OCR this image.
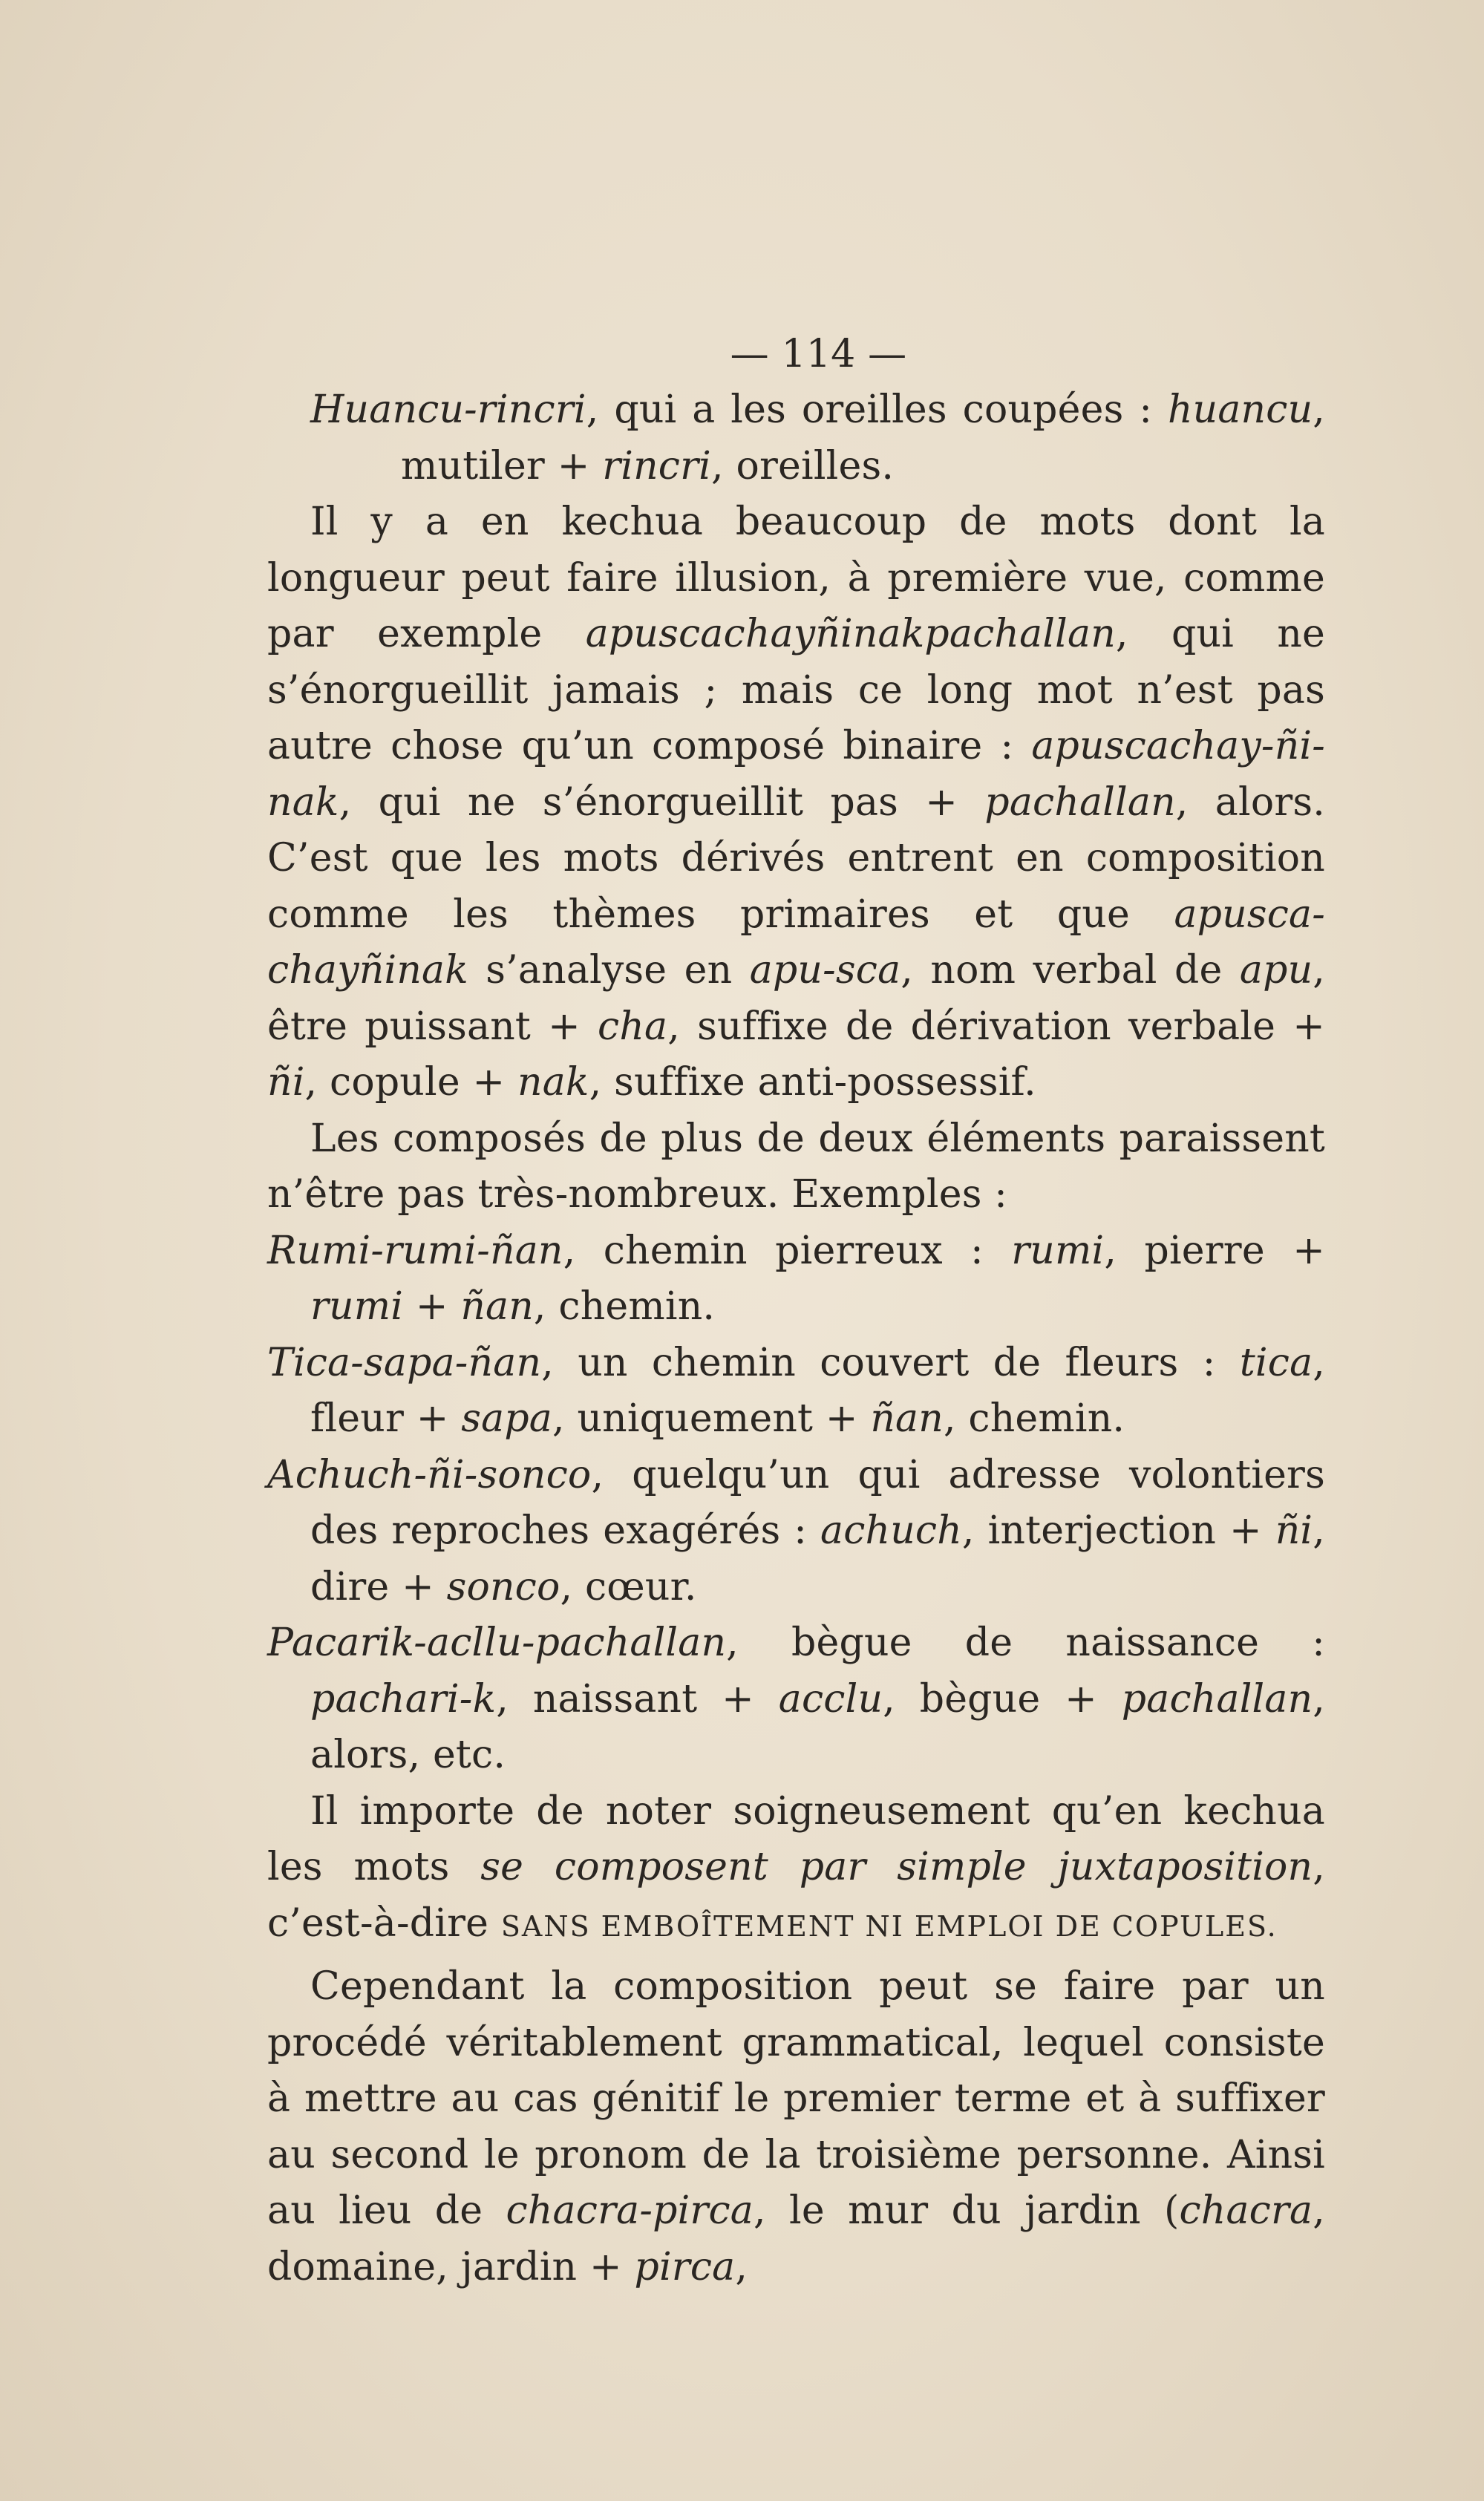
— 114 —

Huancu-rincri, qui a les oreilles coupées : huancu, mutiler + rincri, oreilles.

Il y a en kechua beaucoup de mots dont la longueur peut faire illusion, à première vue, comme par exemple apuscachayñinakpachallan, qui ne s’énorgueillit jamais ; mais ce long mot n’est pas autre chose qu’un composé binaire : apuscachay-ñi-nak, qui ne s’énorgueillit pas + pachallan, alors. C’est que les mots dérivés entrent en composition comme les thèmes primaires et que apusca-chayñinak s’analyse en apu-sca, nom verbal de apu, être puissant + cha, suffixe de dérivation verbale + ñi, copule + nak, suffixe anti-possessif.

Les composés de plus de deux éléments paraissent n’être pas très-nombreux. Exemples :

Rumi-rumi-ñan, chemin pierreux : rumi, pierre + rumi + ñan, chemin.

Tica-sapa-ñan, un chemin couvert de fleurs : tica, fleur + sapa, uniquement + ñan, chemin.

Achuch-ñi-sonco, quelqu’un qui adresse volontiers des reproches exagérés : achuch, interjection + ñi, dire + sonco, cœur.

Pacarik-acllu-pachallan, bègue de naissance : pachari-k, naissant + acclu, bègue + pachallan, alors, etc.

Il importe de noter soigneusement qu’en kechua les mots se composent par simple juxtaposition, c’est-à-dire SANS EMBOÎTEMENT NI EMPLOI DE COPULES.

Cependant la composition peut se faire par un procédé véritablement grammatical, lequel consiste à mettre au cas génitif le premier terme et à suffixer au second le pronom de la troisième personne. Ainsi au lieu de chacra-pirca, le mur du jardin (chacra, domaine, jardin + pirca,
